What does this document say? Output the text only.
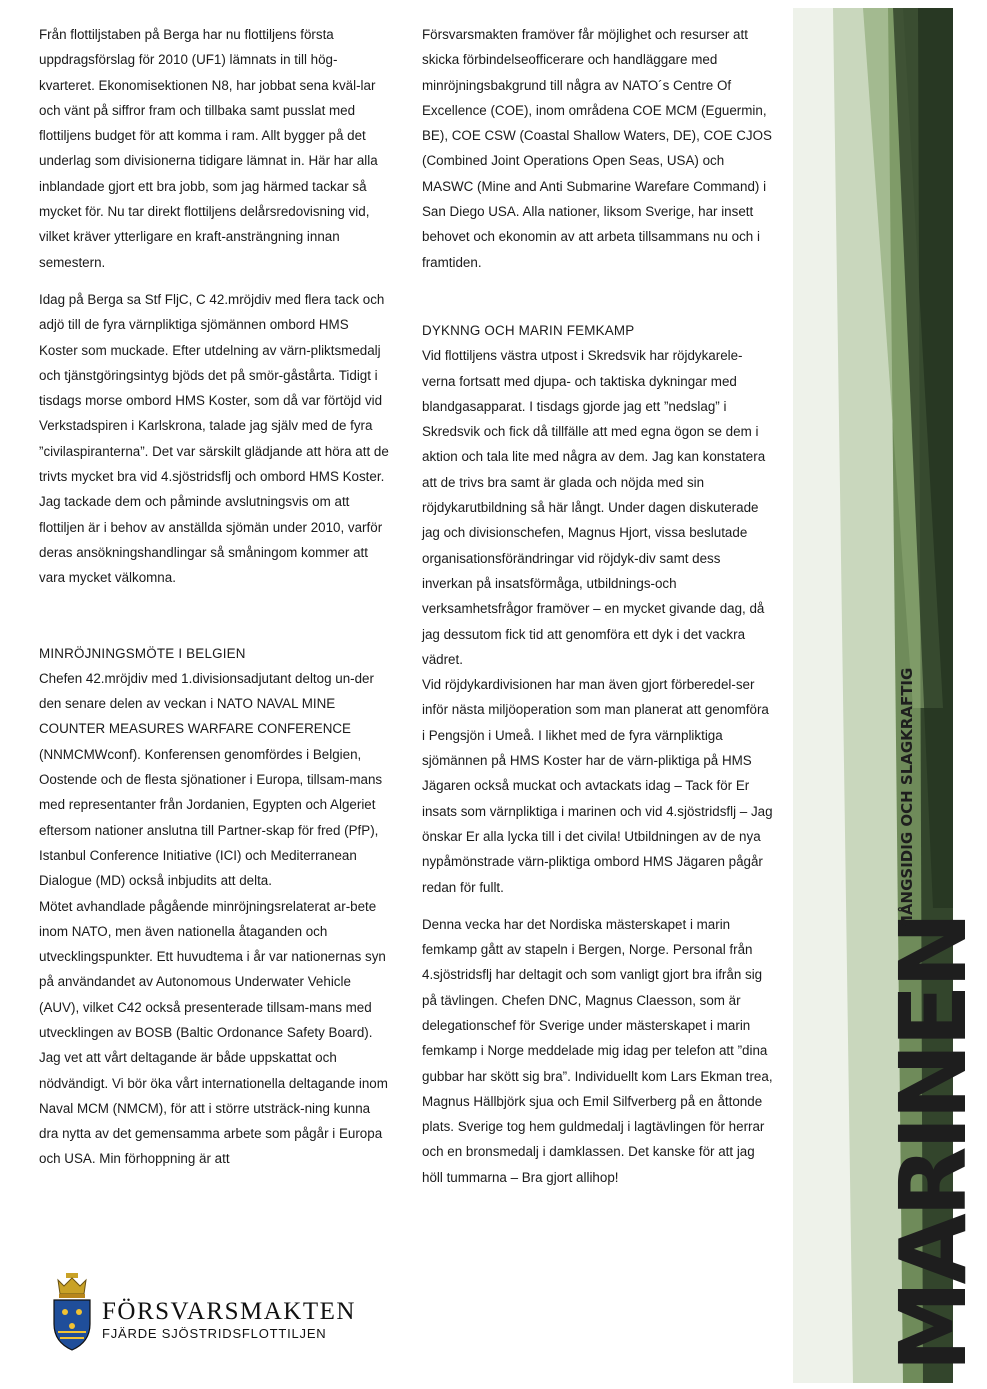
Från flottiljstaben på Berga har nu flottiljens första uppdragsförslag för 2010 (UF1) lämnats in till hög-kvarteret. Ekonomisektionen N8, har jobbat sena kväl-lar och vänt på siffror fram och tillbaka samt pusslat med flottiljens budget för att komma i ram. Allt bygger på det underlag som divisionerna tidigare lämnat in. Här har alla inblandade gjort ett bra jobb, som jag härmed tackar så mycket för. Nu tar direkt flottiljens delårsredovisning vid, vilket kräver ytterligare en kraft-ansträngning innan semestern.

Idag på Berga sa Stf FljC, C 42.mröjdiv med flera tack och adjö till de fyra värnpliktiga sjömännen ombord HMS Koster som muckade. Efter utdelning av värn-pliktsmedalj och tjänstgöringsintyg bjöds det på smör-gåstårta. Tidigt i tisdags morse ombord HMS Koster, som då var förtöjd vid Verkstadspiren i Karlskrona, talade jag själv med de fyra ”civilaspiranterna”. Det var särskilt glädjande att höra att de trivts mycket bra vid 4.sjöstridsflj och ombord HMS Koster. Jag tackade dem och påminde avslutningsvis om att flottiljen är i behov av anställda sjömän under 2010, varför deras ansökningshandlingar så småningom kommer att vara mycket välkomna.

MINRÖJNINGSMÖTE I BELGIEN

Chefen 42.mröjdiv med 1.divisionsadjutant deltog un-der den senare delen av veckan i NATO NAVAL MINE COUNTER MEASURES WARFARE CONFERENCE (NNMCMWconf). Konferensen genomfördes i Belgien, Oostende och de flesta sjönationer i Europa, tillsam-mans med representanter från Jordanien, Egypten och Algeriet eftersom nationer anslutna till Partner-skap för fred (PfP), Istanbul Conference Initiative (ICI) och Mediterranean Dialogue (MD) också inbjudits att delta.

Mötet avhandlade pågående minröjningsrelaterat ar-bete inom NATO, men även nationella åtaganden och utvecklingspunkter. Ett huvudtema i år var nationernas syn på användandet av Autonomous Underwater Vehicle (AUV), vilket C42 också presenterade tillsam-mans med utvecklingen av BOSB (Baltic Ordonance Safety Board).

Jag vet att vårt deltagande är både uppskattat och nödvändigt. Vi bör öka vårt internationella deltagande inom Naval MCM (NMCM), för att i större utsträck-ning kunna dra nytta av det gemensamma arbete som pågår i Europa och USA. Min förhoppning är att

Försvarsmakten framöver får möjlighet och resurser att skicka förbindelseofficerare och handläggare med minröjningsbakgrund till några av NATO´s Centre Of Excellence (COE), inom områdena COE MCM (Eguermin, BE), COE CSW (Coastal Shallow Waters, DE), COE CJOS (Combined Joint Operations Open Seas, USA) och MASWC (Mine and Anti Submarine Warefare Command) i San Diego USA. Alla nationer, liksom Sverige, har insett behovet och ekonomin av att arbeta tillsammans nu och i framtiden.

DYKNNG OCH MARIN FEMKAMP

Vid flottiljens västra utpost i Skredsvik har röjdykarele-verna fortsatt med djupa- och taktiska dykningar med blandgasapparat. I tisdags gjorde jag ett ”nedslag” i Skredsvik och fick då tillfälle att med egna ögon se dem i aktion och tala lite med några av dem. Jag kan konstatera att de trivs bra samt är glada och nöjda med sin röjdykarutbildning så här långt. Under dagen diskuterade jag och divisionschefen, Magnus Hjort, vissa beslutade organisationsförändringar vid röjdyk-div samt dess inverkan på insatsförmåga, utbildnings-och verksamhetsfrågor framöver – en mycket givande dag, då jag dessutom fick tid att genomföra ett dyk i det vackra vädret.

Vid röjdykardivisionen har man även gjort förberedel-ser inför nästa miljöoperation som man planerat att genomföra i Pengsjön i Umeå. I likhet med de fyra värnpliktiga sjömännen på HMS Koster har de värn-pliktiga på HMS Jägaren också muckat och avtackats idag – Tack för Er insats som värnpliktiga i marinen och vid 4.sjöstridsflj – Jag önskar Er alla lycka till i det civila! Utbildningen av de nya nypåmönstrade värn-pliktiga ombord HMS Jägaren pågår redan för fullt.

Denna vecka har det Nordiska mästerskapet i marin femkamp gått av stapeln i Bergen, Norge. Personal från 4.sjöstridsflj har deltagit och som vanligt gjort bra ifrån sig på tävlingen. Chefen DNC, Magnus Claesson, som är delegationschef för Sverige under mästerskapet i marin femkamp i Norge meddelade mig idag per telefon att ”dina gubbar har skött sig bra”. Individuellt kom Lars Ekman trea, Magnus Hällbjörk sjua och Emil Silfverberg på en åttonde plats. Sverige tog hem guldmedalj i lagtävlingen för herrar och en bronsmedalj i damklassen. Det kanske för att jag höll tummarna – Bra gjort allihop!

FÖRSVARSMAKTEN
FJÄRDE SJÖSTRIDSFLOTTILJEN	MARINEN
MÅNGSIDIG OCH SLAGKRAFTIG
